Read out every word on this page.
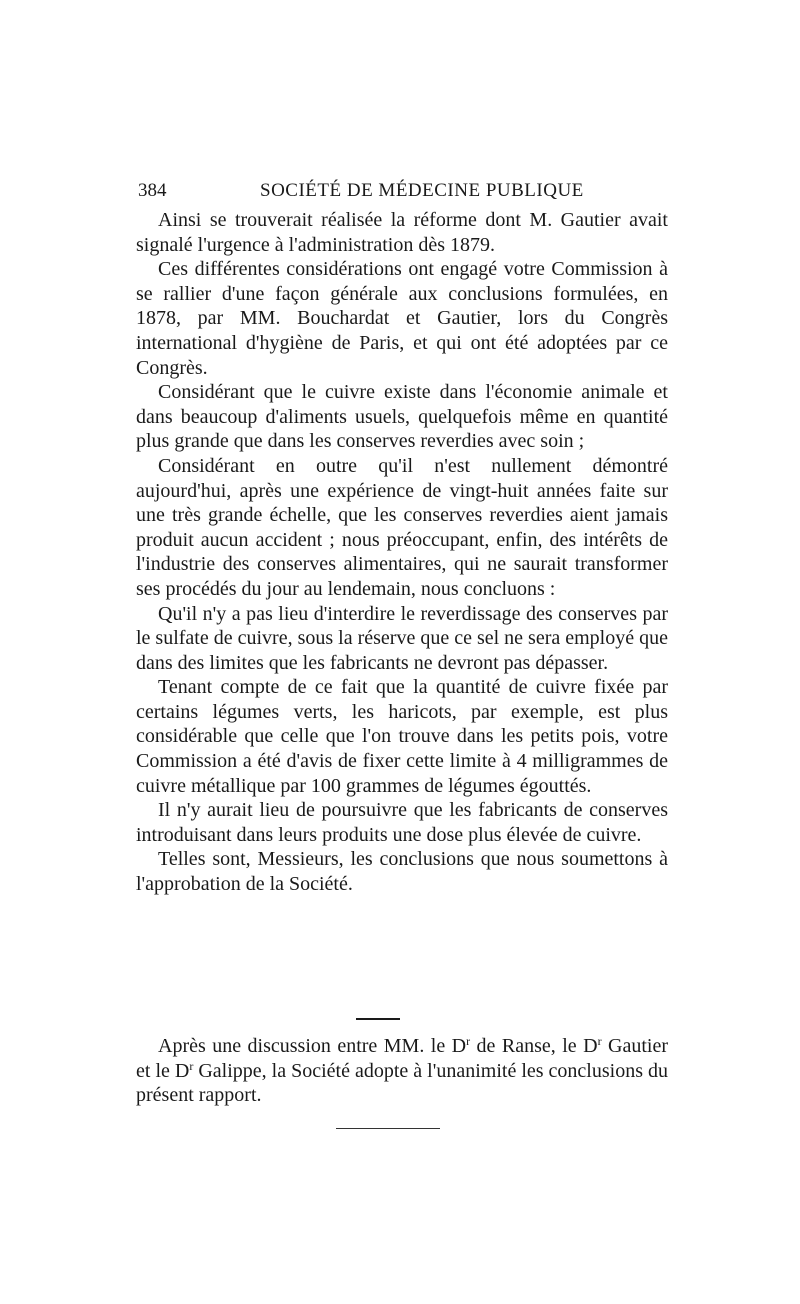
384	SOCIÉTÉ DE MÉDECINE PUBLIQUE

Ainsi se trouverait réalisée la réforme dont M. Gautier avait signalé l'urgence à l'administration dès 1879.

Ces différentes considérations ont engagé votre Commission à se rallier d'une façon générale aux conclusions formulées, en 1878, par MM. Bouchardat et Gautier, lors du Congrès international d'hygiène de Paris, et qui ont été adoptées par ce Congrès.

Considérant que le cuivre existe dans l'économie animale et dans beaucoup d'aliments usuels, quelquefois même en quantité plus grande que dans les conserves reverdies avec soin ;

Considérant en outre qu'il n'est nullement démontré aujourd'hui, après une expérience de vingt-huit années faite sur une très grande échelle, que les conserves reverdies aient jamais produit aucun accident ; nous préoccupant, enfin, des intérêts de l'industrie des conserves alimentaires, qui ne saurait transformer ses procédés du jour au lendemain, nous concluons :

Qu'il n'y a pas lieu d'interdire le reverdissage des conserves par le sulfate de cuivre, sous la réserve que ce sel ne sera employé que dans des limites que les fabricants ne devront pas dépasser.

Tenant compte de ce fait que la quantité de cuivre fixée par certains légumes verts, les haricots, par exemple, est plus considérable que celle que l'on trouve dans les petits pois, votre Commission a été d'avis de fixer cette limite à 4 milligrammes de cuivre métallique par 100 grammes de légumes égouttés.

Il n'y aurait lieu de poursuivre que les fabricants de conserves introduisant dans leurs produits une dose plus élevée de cuivre.

Telles sont, Messieurs, les conclusions que nous soumettons à l'approbation de la Société.

Après une discussion entre MM. le $D^r$ de Ranse, le $D^r$ Gautier et le $D^r$ Galippe, la Société adopte à l'unanimité les conclusions du présent rapport.
